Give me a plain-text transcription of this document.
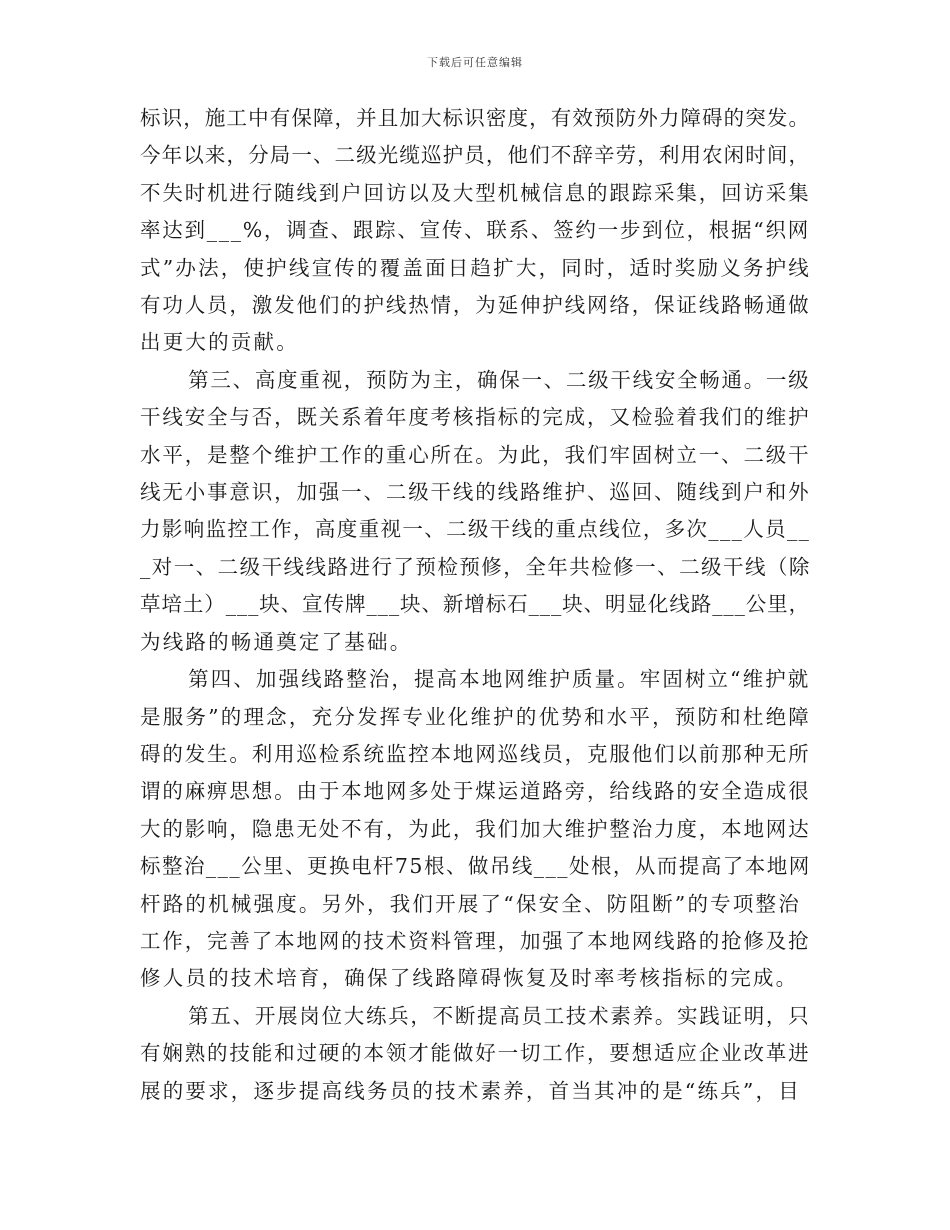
下载后可任意编辑

标识，施工中有保障，并且加大标识密度，有效预防外力障碍的突发。
今年以来，分局一、二级光缆巡护员，他们不辞辛劳，利用农闲时间，
不失时机进行随线到户回访以及大型机械信息的跟踪采集，回访采集
率达到___%，调查、跟踪、宣传、联系、签约一步到位，根据“织网
式”办法，使护线宣传的覆盖面日趋扩大，同时，适时奖励义务护线
有功人员，激发他们的护线热情，为延伸护线网络，保证线路畅通做
出更大的贡献。

第三、高度重视，预防为主，确保一、二级干线安全畅通。一级
干线安全与否，既关系着年度考核指标的完成，又检验着我们的维护
水平，是整个维护工作的重心所在。为此，我们牢固树立一、二级干
线无小事意识，加强一、二级干线的线路维护、巡回、随线到户和外
力影响监控工作，高度重视一、二级干线的重点线位，多次___人员__
_对一、二级干线线路进行了预检预修，全年共检修一、二级干线（除
草培土）___块、宣传牌___块、新增标石___块、明显化线路___公里，
为线路的畅通奠定了基础。

第四、加强线路整治，提高本地网维护质量。牢固树立“维护就
是服务”的理念，充分发挥专业化维护的优势和水平，预防和杜绝障
碍的发生。利用巡检系统监控本地网巡线员，克服他们以前那种无所
谓的麻痹思想。由于本地网多处于煤运道路旁，给线路的安全造成很
大的影响，隐患无处不有，为此，我们加大维护整治力度，本地网达
标整治___公里、更换电杆75根、做吊线___处根，从而提高了本地网
杆路的机械强度。另外，我们开展了“保安全、防阻断”的专项整治
工作，完善了本地网的技术资料管理，加强了本地网线路的抢修及抢
修人员的技术培育，确保了线路障碍恢复及时率考核指标的完成。

第五、开展岗位大练兵，不断提高员工技术素养。实践证明，只
有娴熟的技能和过硬的本领才能做好一切工作，要想适应企业改革进
展的要求，逐步提高线务员的技术素养，首当其冲的是“练兵”，目
